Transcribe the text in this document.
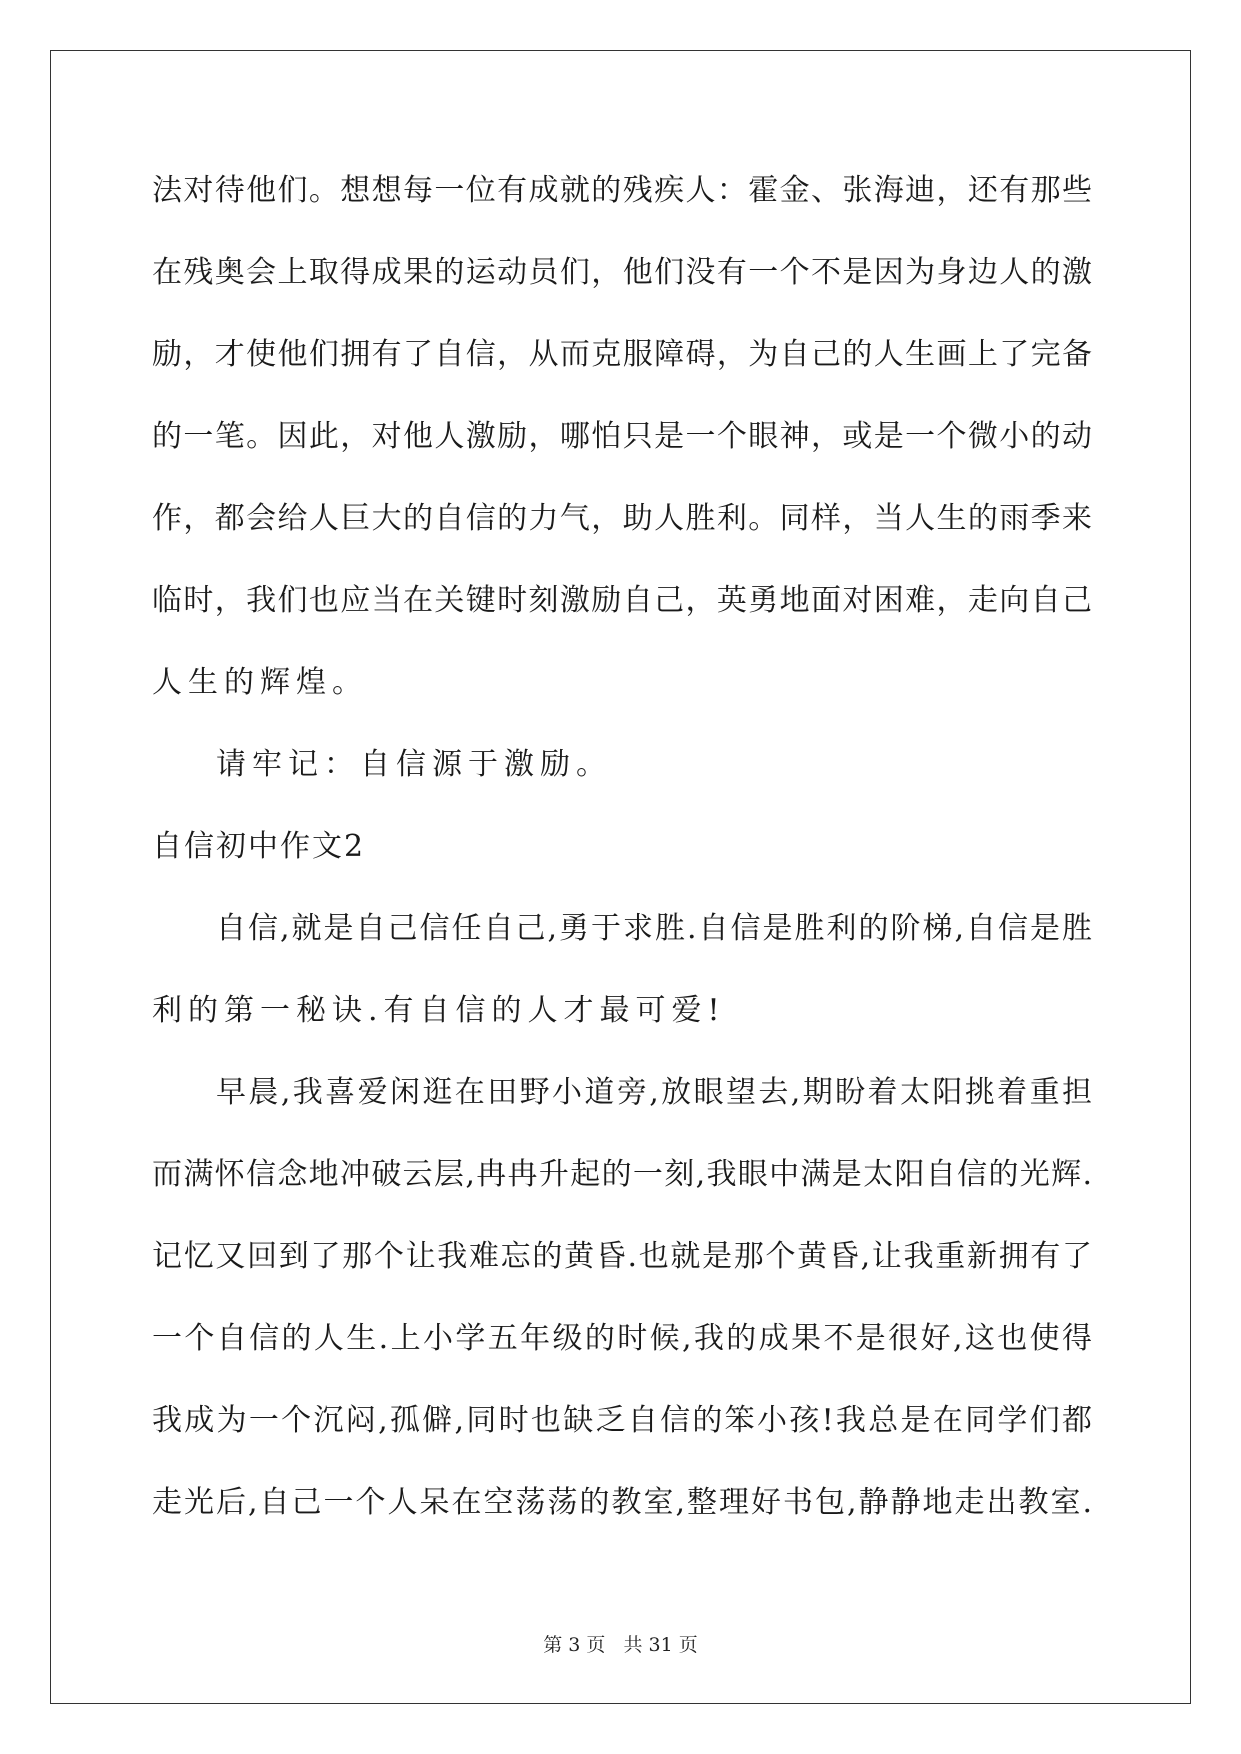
法对待他们。想想每一位有成就的残疾人：霍金、张海迪，还有那些
在残奥会上取得成果的运动员们，他们没有一个不是因为身边人的激
励，才使他们拥有了自信，从而克服障碍，为自己的人生画上了完备
的一笔。因此，对他人激励，哪怕只是一个眼神，或是一个微小的动
作，都会给人巨大的自信的力气，助人胜利。同样，当人生的雨季来
临时，我们也应当在关键时刻激励自己，英勇地面对困难，走向自己
人生的辉煌。
请牢记：自信源于激励。
自信初中作文2
自信,就是自己信任自己,勇于求胜.自信是胜利的阶梯,自信是胜
利的第一秘诀.有自信的人才最可爱!
早晨,我喜爱闲逛在田野小道旁,放眼望去,期盼着太阳挑着重担
而满怀信念地冲破云层,冉冉升起的一刻,我眼中满是太阳自信的光辉.
记忆又回到了那个让我难忘的黄昏.也就是那个黄昏,让我重新拥有了
一个自信的人生.上小学五年级的时候,我的成果不是很好,这也使得
我成为一个沉闷,孤僻,同时也缺乏自信的笨小孩!我总是在同学们都
走光后,自己一个人呆在空荡荡的教室,整理好书包,静静地走出教室.
第 3 页   共 31 页
